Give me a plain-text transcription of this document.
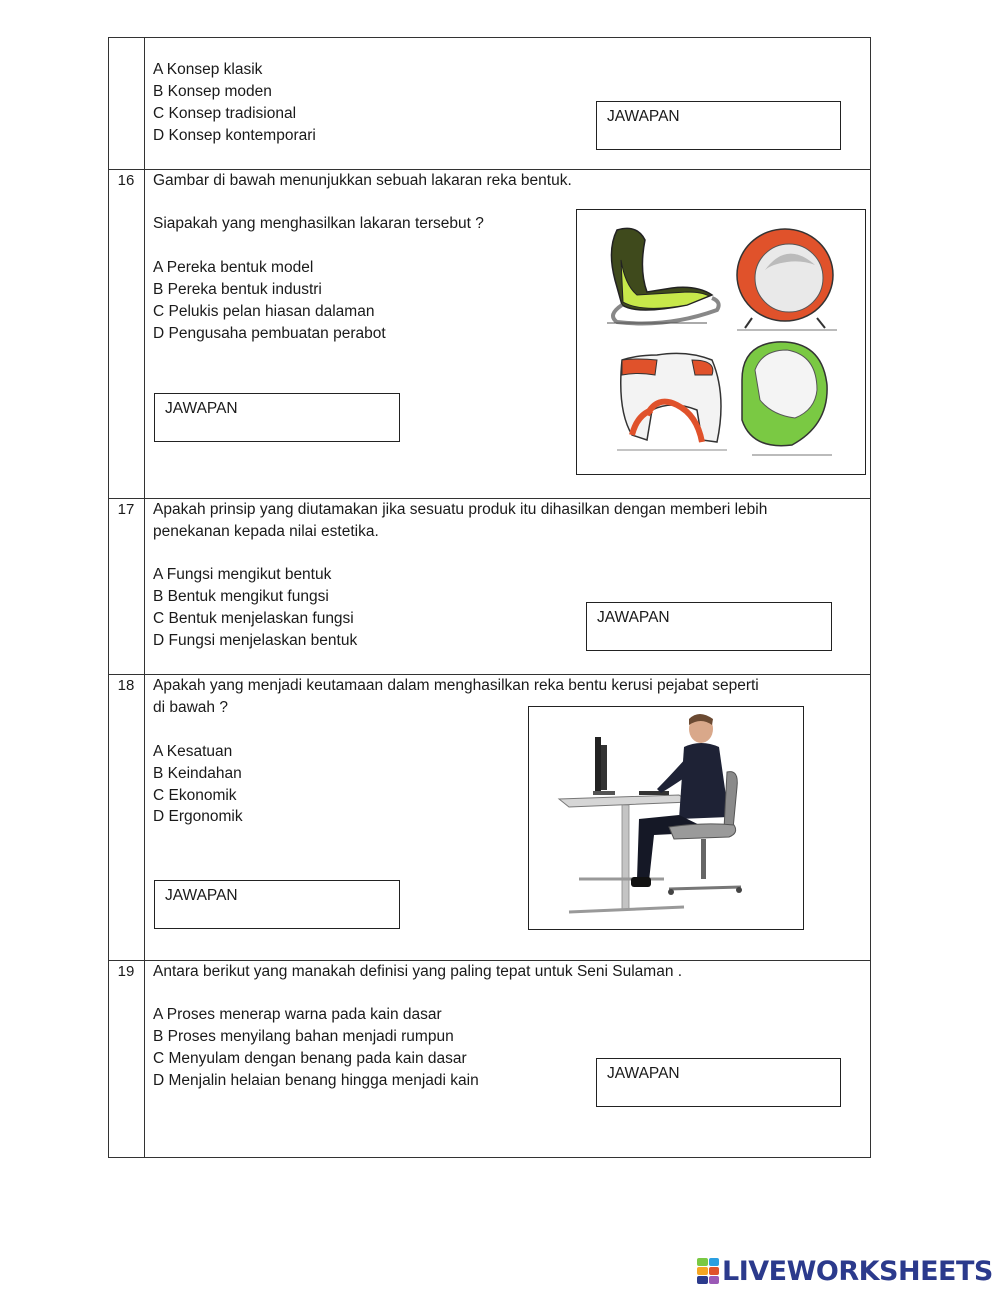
A Konsep klasik
B Konsep moden
C Konsep tradisional
D Konsep kontemporari
JAWAPAN
16	Gambar di bawah menunjukkan sebuah lakaran reka bentuk.
Siapakah yang menghasilkan lakaran tersebut ?
A Pereka bentuk model
B Pereka bentuk industri
C Pelukis pelan hiasan dalaman
D Pengusaha pembuatan perabot
JAWAPAN
17	Apakah prinsip yang diutamakan jika sesuatu produk itu dihasilkan dengan memberi lebih
penekanan kepada nilai estetika.
A Fungsi mengikut bentuk
B Bentuk mengikut fungsi
C Bentuk menjelaskan fungsi
D Fungsi menjelaskan bentuk
JAWAPAN
18	Apakah yang menjadi keutamaan dalam menghasilkan reka bentu kerusi pejabat seperti
di bawah ?
A Kesatuan
B Keindahan
C Ekonomik
D Ergonomik
JAWAPAN
19	Antara berikut yang manakah definisi yang paling tepat untuk Seni Sulaman .
A Proses menerap warna pada kain dasar
B Proses menyilang bahan menjadi rumpun
C Menyulam dengan benang pada kain dasar
D Menjalin helaian benang hingga menjadi kain	JAWAPAN
LIVEWORKSHEETS
